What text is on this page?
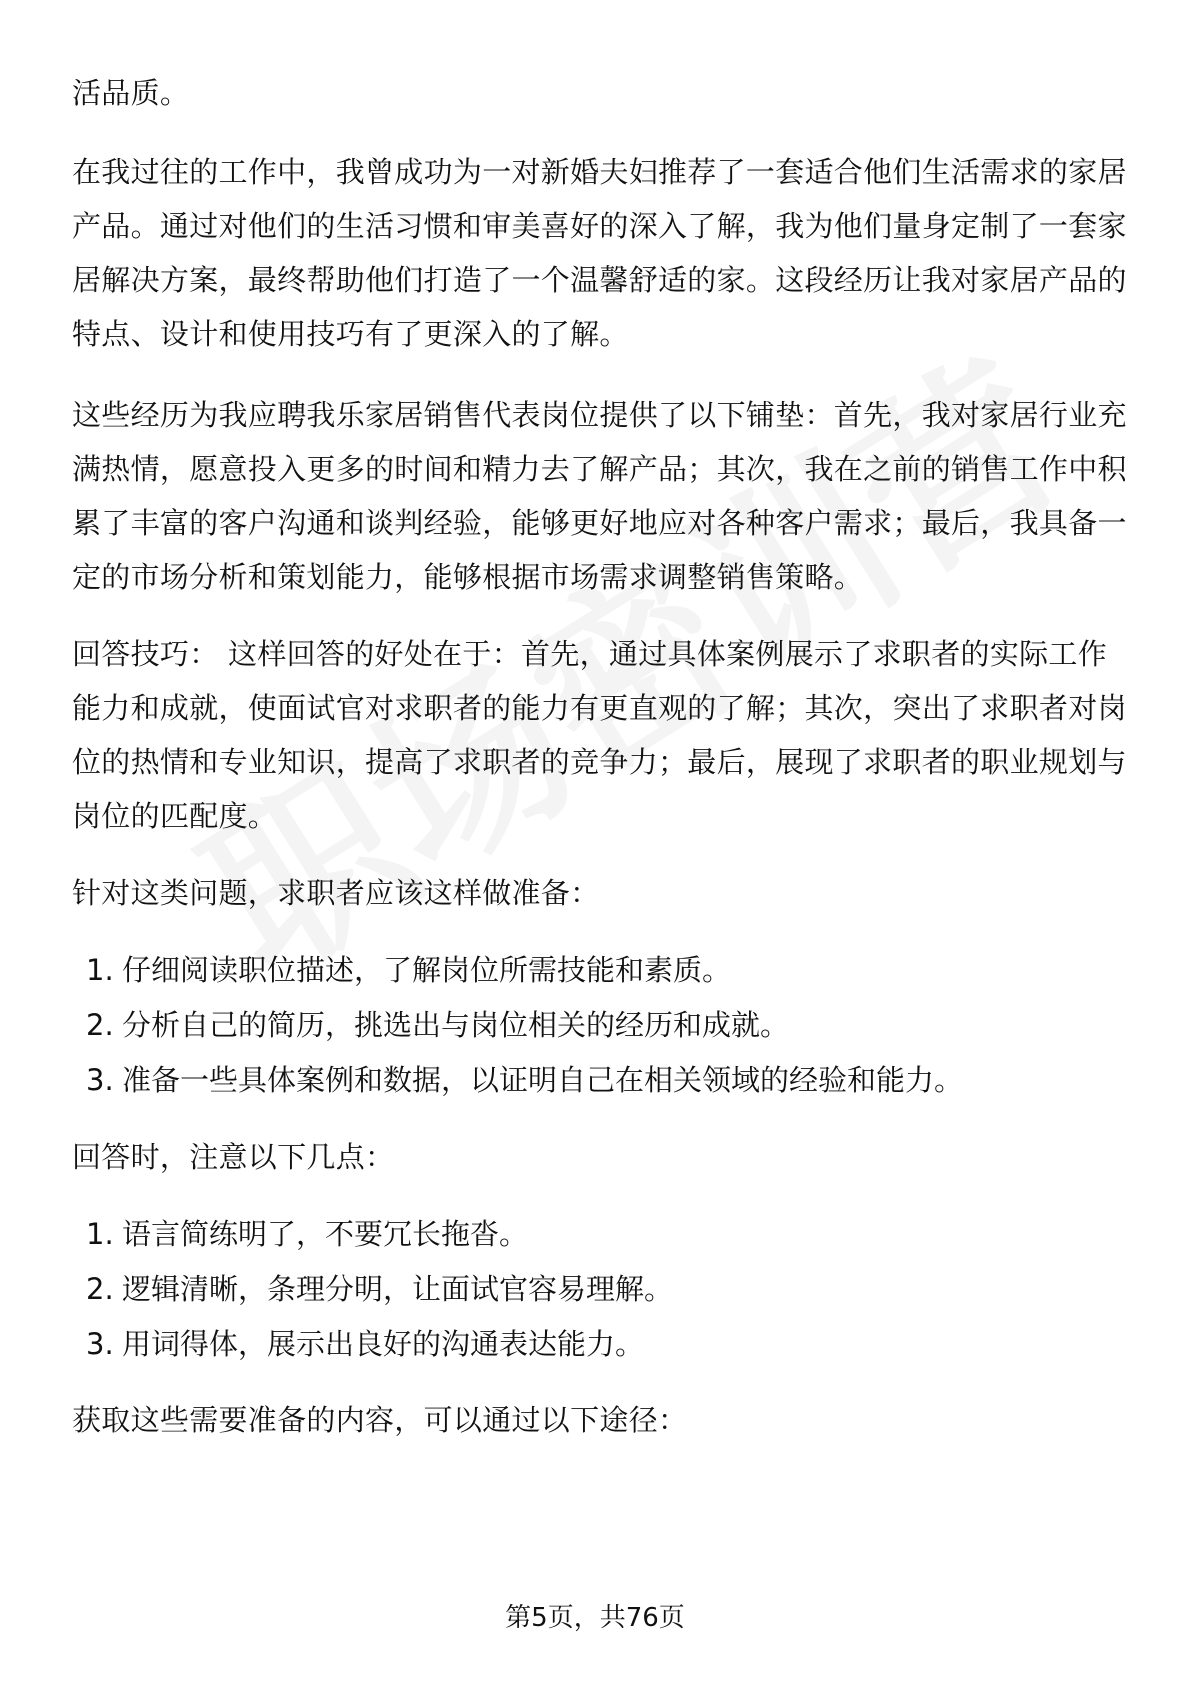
活品质。

在我过往的工作中，我曾成功为一对新婚夫妇推荐了一套适合他们生活需求的家居产品。通过对他们的生活习惯和审美喜好的深入了解，我为他们量身定制了一套家居解决方案，最终帮助他们打造了一个温馨舒适的家。这段经历让我对家居产品的特点、设计和使用技巧有了更深入的了解。

这些经历为我应聘我乐家居销售代表岗位提供了以下铺垫：首先，我对家居行业充满热情，愿意投入更多的时间和精力去了解产品；其次，我在之前的销售工作中积累了丰富的客户沟通和谈判经验，能够更好地应对各种客户需求；最后，我具备一定的市场分析和策划能力，能够根据市场需求调整销售策略。

回答技巧： 这样回答的好处在于：首先，通过具体案例展示了求职者的实际工作能力和成就，使面试官对求职者的能力有更直观的了解；其次，突出了求职者对岗位的热情和专业知识，提高了求职者的竞争力；最后，展现了求职者的职业规划与岗位的匹配度。

针对这类问题，求职者应该这样做准备：

1. 仔细阅读职位描述，了解岗位所需技能和素质。
2. 分析自己的简历，挑选出与岗位相关的经历和成就。
3. 准备一些具体案例和数据，以证明自己在相关领域的经验和能力。

回答时，注意以下几点：

1. 语言简练明了，不要冗长拖沓。
2. 逻辑清晰，条理分明，让面试官容易理解。
3. 用词得体，展示出良好的沟通表达能力。

获取这些需要准备的内容，可以通过以下途径：

第5页，共76页
